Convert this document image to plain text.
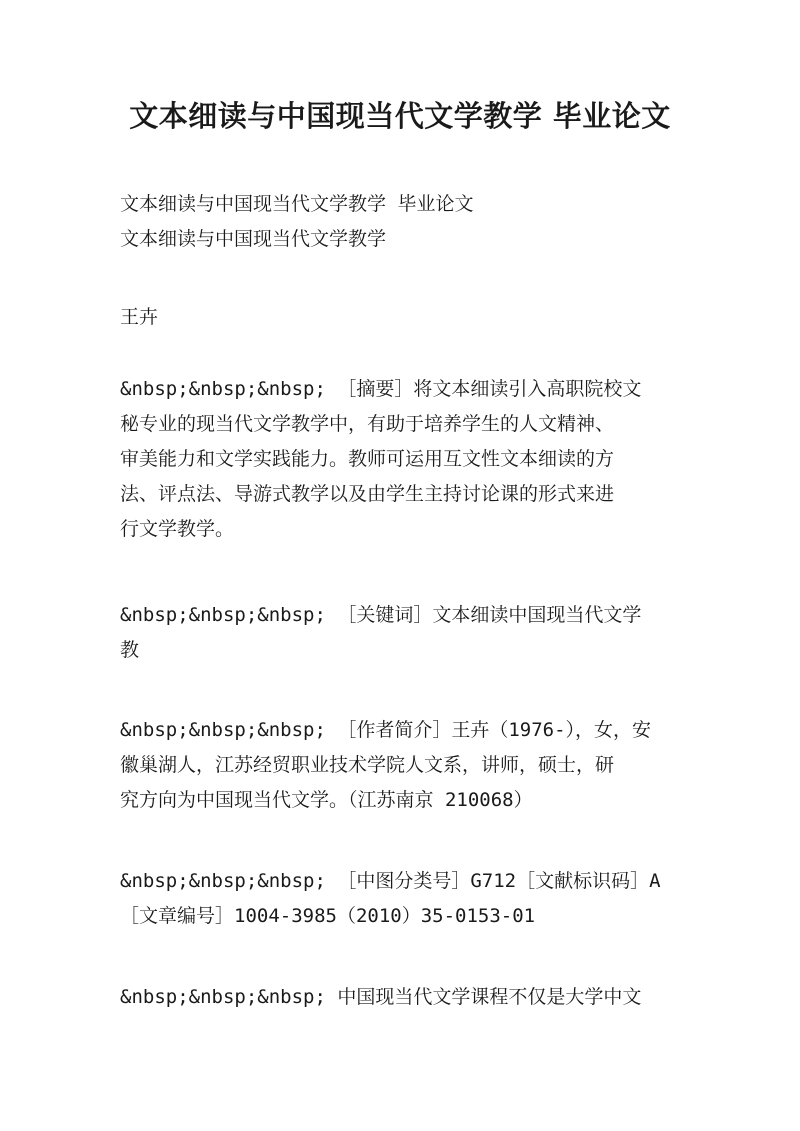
文本细读与中国现当代文学教学 毕业论文
文本细读与中国现当代文学教学 毕业论文
文本细读与中国现当代文学教学
王卉
&nbsp;&nbsp;&nbsp; ［摘要］将文本细读引入高职院校文
秘专业的现当代文学教学中，有助于培养学生的人文精神、
审美能力和文学实践能力。教师可运用互文性文本细读的方
法、评点法、导游式教学以及由学生主持讨论课的形式来进
行文学教学。
&nbsp;&nbsp;&nbsp; ［关键词］文本细读中国现当代文学
教
&nbsp;&nbsp;&nbsp; ［作者简介］王卉（1976-），女，安
徽巢湖人，江苏经贸职业技术学院人文系，讲师，硕士，研
究方向为中国现当代文学。（江苏南京 210068）
&nbsp;&nbsp;&nbsp; ［中图分类号］G712［文献标识码］A
［文章编号］1004-3985（2010）35-0153-01
&nbsp;&nbsp;&nbsp; 中国现当代文学课程不仅是大学中文
